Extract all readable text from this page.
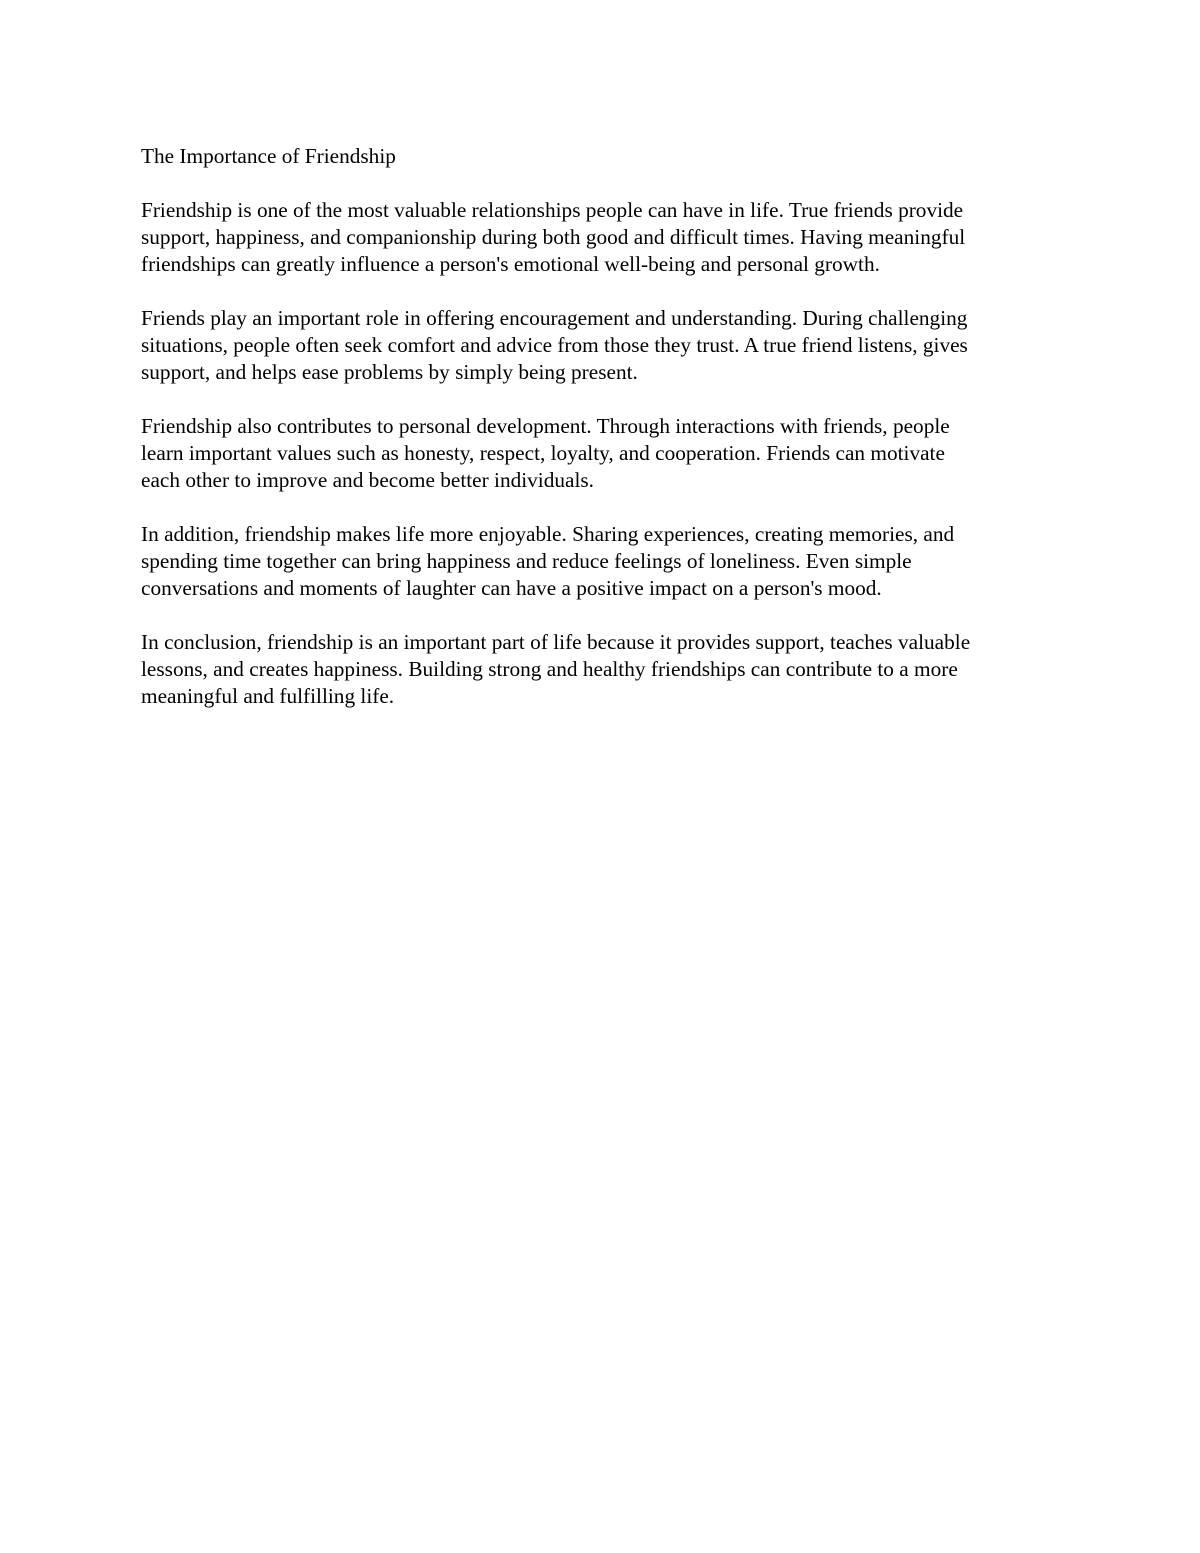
The Importance of Friendship
Friendship is one of the most valuable relationships people can have in life. True friends provide
support, happiness, and companionship during both good and difficult times. Having meaningful
friendships can greatly influence a person's emotional well-being and personal growth.
Friends play an important role in offering encouragement and understanding. During challenging
situations, people often seek comfort and advice from those they trust. A true friend listens, gives
support, and helps ease problems by simply being present.
Friendship also contributes to personal development. Through interactions with friends, people
learn important values such as honesty, respect, loyalty, and cooperation. Friends can motivate
each other to improve and become better individuals.
In addition, friendship makes life more enjoyable. Sharing experiences, creating memories, and
spending time together can bring happiness and reduce feelings of loneliness. Even simple
conversations and moments of laughter can have a positive impact on a person's mood.
In conclusion, friendship is an important part of life because it provides support, teaches valuable
lessons, and creates happiness. Building strong and healthy friendships can contribute to a more
meaningful and fulfilling life.
